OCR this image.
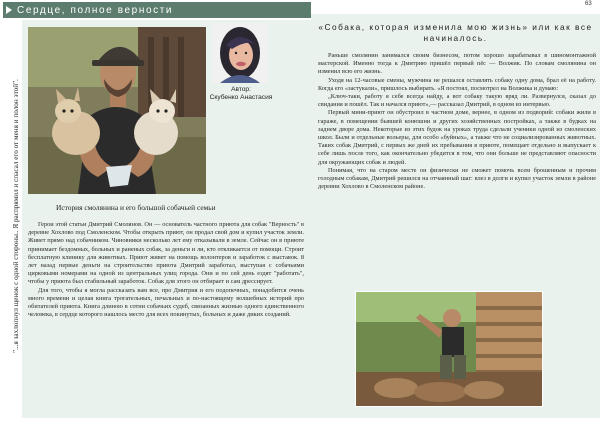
Сердце, полное верности
63
"...я захлопнул щенок с одной стороны.. Я распрямил и спасал его от меня и полон этой".	Автор:
Скубенко Анастасия
История смолянина и его большой собачьей семьи

Герои этой статьи Дмитрий Смолянов. Он — основатель частного приюта для собак "Верность" в деревне Хохлово под Смоленском. Чтобы открыть приют, он продал свой дом и купил участок земли. Живет прямо над собачником. Чиновники несколько лет ему отказывали в земле. Сейчас он в приюте принимает бездомных, больных и раненых собак, за деньги и ли, кто откликается от помощи. Строит бесплатную клинику для животных. Приют живет на помощь волонтеров и заработок с выставок. 8 лет назад первые деньги на строительство приюта Дмитрий заработал, выступая с собачьими цирковыми номерами на одной из центральных улиц города. Они и по сей день ездят "работать", чтобы у приюта был стабильный заработок. Собак для этого он отбирает и сам дрессирует.

Для того, чтобы я могла рассказать вам все, про Дмитрия и его подопечных, понадобится очень много времени и целая книга трогательных, печальных и по-настоящему волшебных историй про обитателей приюта. Книга длиною в сотни собачьих судеб, связанных жизнью одного единственного человека, в сердце которого нашлось место для всех покинутых, больных и даже диких созданий.

«Собака, которая изменила мою жизнь» или как все начиналось.

Раньше смолянин занимался своим бизнесом, потом хорошо зарабатывал в шиномонтажной мастерской. Именно тогда к Дмитрию пришёл первый пёс — Волжик. По словам смолянина он изменил всю его жизнь.

Уходя на 12-часовые смены, мужчина не решался оставлять собаку одну дома, брал её на работу. Когда его «застукали», пришлось выбирать. «Я постоял, посмотрел на Волжика и думаю:

„Ключ-таки, работу я себе всегда найду, а вот собаку такую вряд ли. Развернулся, сказал до свидания и пошёл. Так и начался приют»,— рассказал Дмитрий, в одном из интервью.

Первый мини-приют он обустроил в частном доме, вернее, в одном из подворий: собаки жили в гараже, в помещении бывшей конюшни и других хозяйственных постройках, а также в будках на заднем дворе дома. Некоторые из этих будок на уроках труда сделали ученики одной из смоленских школ. Были и отдельные вольеры, для особо «буйных», а также что не социализированных животных. Таких собак Дмитрий, с первых же дней их пребывания в приюте, помещает отдельно и выпускает к себе лишь после того, как окончательно убедится в том, что они больше не представляют опасности для окружающих собак и людей.

Понимая, что на старом месте он физически не сможет помочь всем брошенным и прочим голодным собакам, Дмитрий решился на отчаянный шаг: влез в долги и купил участок земли в районе деревни Хохлово в Смоленском районе.
